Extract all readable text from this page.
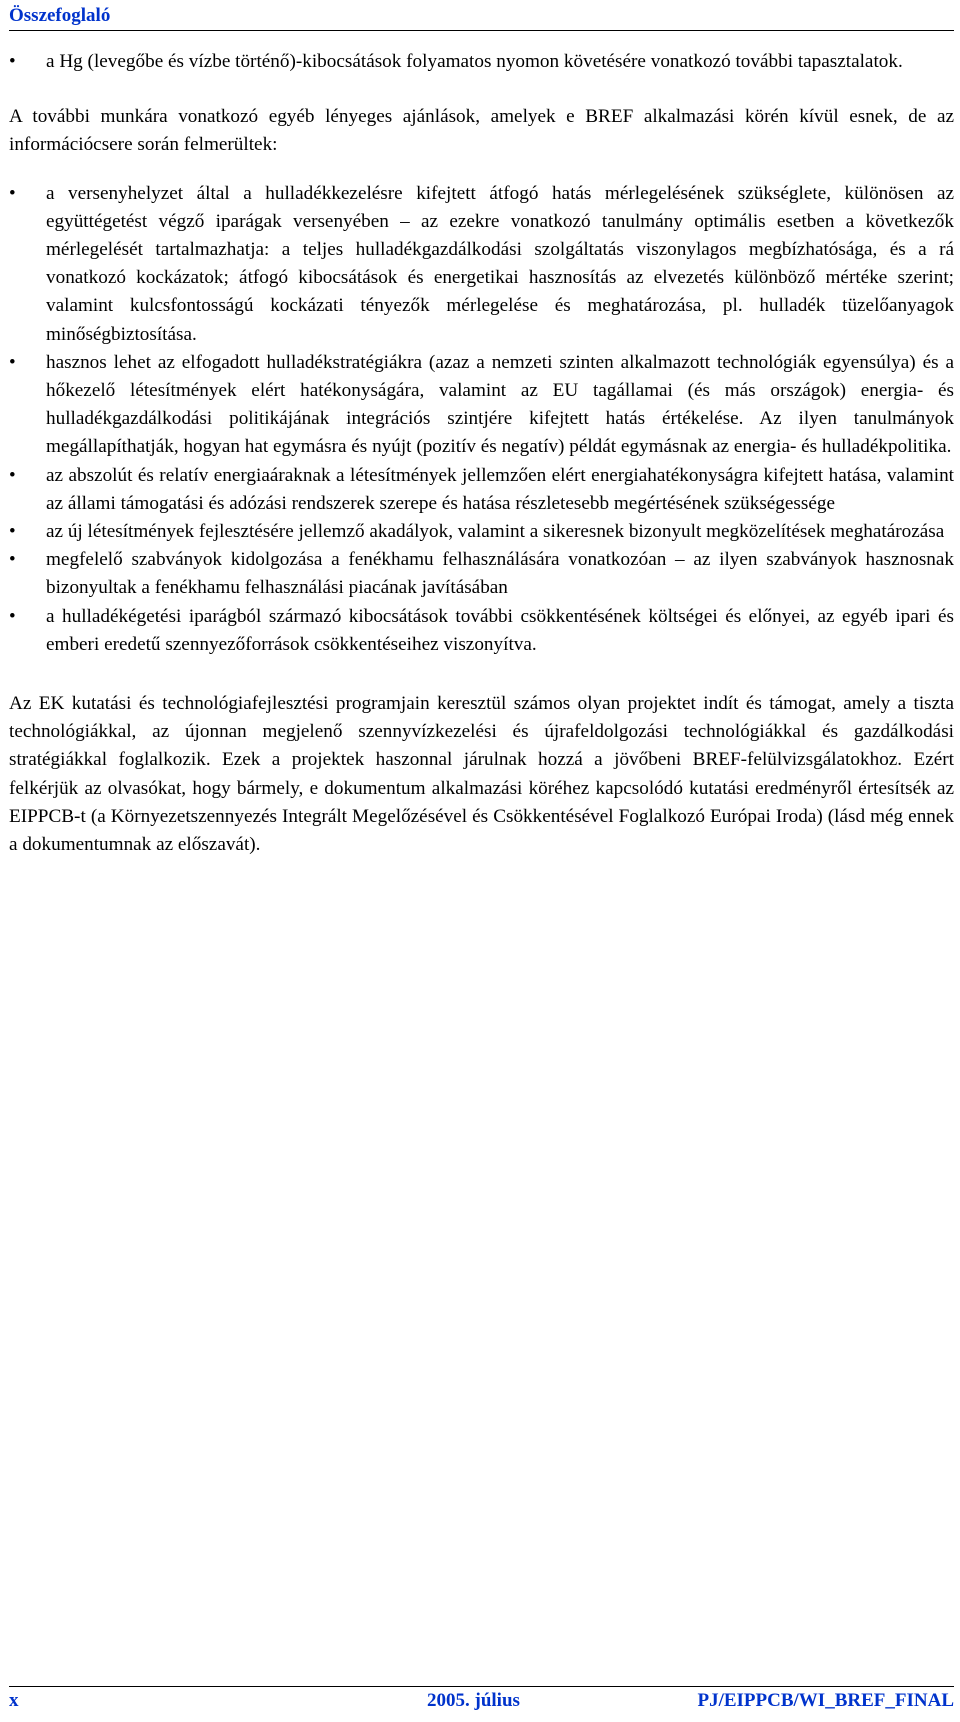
Összefoglaló
•	a Hg (levegőbe és vízbe történő)-kibocsátások folyamatos nyomon követésére vonatkozó további tapasztalatok.

A további munkára vonatkozó egyéb lényeges ajánlások, amelyek e BREF alkalmazási körén kívül esnek, de az információcsere során felmerültek:

•	a versenyhelyzet által a hulladékkezelésre kifejtett átfogó hatás mérlegelésének szükséglete, különösen az együttégetést végző iparágak versenyében – az ezekre vonatkozó tanulmány optimális esetben a következők mérlegelését tartalmazhatja: a teljes hulladékgazdálkodási szolgáltatás viszonylagos megbízhatósága, és a rá vonatkozó kockázatok; átfogó kibocsátások és energetikai hasznosítás az elvezetés különböző mértéke szerint; valamint kulcsfontosságú kockázati tényezők mérlegelése és meghatározása, pl. hulladék tüzelőanyagok minőségbiztosítása.
•	hasznos lehet az elfogadott hulladékstratégiákra (azaz a nemzeti szinten alkalmazott technológiák egyensúlya) és a hőkezelő létesítmények elért hatékonyságára, valamint az EU tagállamai (és más országok) energia- és hulladékgazdálkodási politikájának integrációs szintjére kifejtett hatás értékelése. Az ilyen tanulmányok megállapíthatják, hogyan hat egymásra és nyújt (pozitív és negatív) példát egymásnak az energia- és hulladékpolitika.
•	az abszolút és relatív energiaáraknak a létesítmények jellemzően elért energiahatékonyságra kifejtett hatása, valamint az állami támogatási és adózási rendszerek szerepe és hatása részletesebb megértésének szükségessége
•	az új létesítmények fejlesztésére jellemző akadályok, valamint a sikeresnek bizonyult megközelítések meghatározása
•	megfelelő szabványok kidolgozása a fenékhamu felhasználására vonatkozóan – az ilyen szabványok hasznosnak bizonyultak a fenékhamu felhasználási piacának javításában
•	a hulladékégetési iparágból származó kibocsátások további csökkentésének költségei és előnyei, az egyéb ipari és emberi eredetű szennyezőforrások csökkentéseihez viszonyítva.

Az EK kutatási és technológiafejlesztési programjain keresztül számos olyan projektet indít és támogat, amely a tiszta technológiákkal, az újonnan megjelenő szennyvízkezelési és újrafeldolgozási technológiákkal és gazdálkodási stratégiákkal foglalkozik. Ezek a projektek haszonnal járulnak hozzá a jövőbeni BREF-felülvizsgálatokhoz. Ezért felkérjük az olvasókat, hogy bármely, e dokumentum alkalmazási köréhez kapcsolódó kutatási eredményről értesítsék az EIPPCB-t (a Környezetszennyezés Integrált Megelőzésével és Csökkentésével Foglalkozó Európai Iroda) (lásd még ennek a dokumentumnak az előszavát).

x	2005. július	PJ/EIPPCB/WI_BREF_FINAL
